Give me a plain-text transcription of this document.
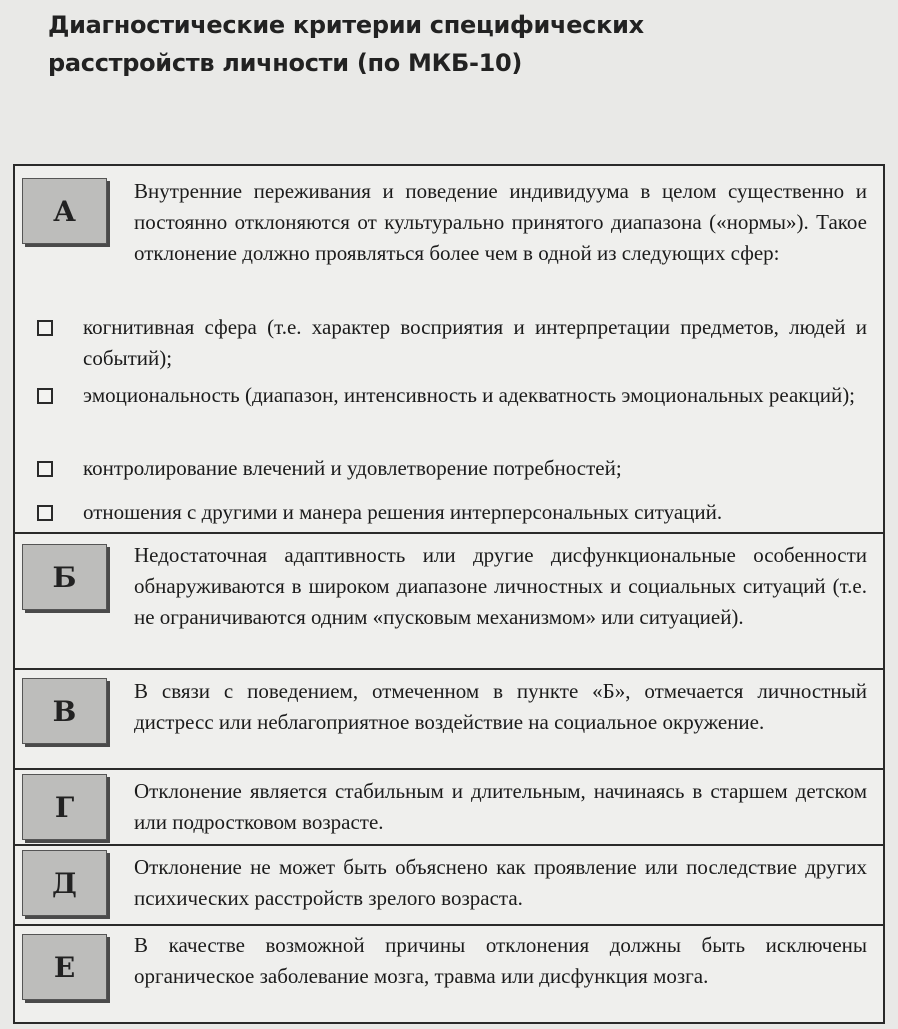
Диагностические критерии специфических
расстройств личности (по МКБ-10)
А
Внутренние переживания и поведение индивидуума в целом существенно и постоянно отклоняются от культурально принятого диапазона («нормы»). Такое отклонение должно проявляться более чем в одной из следующих сфер:
когнитивная сфера (т.е. характер восприятия и интерпретации предметов, людей и событий);
эмоциональность (диапазон, интенсивность и адекватность эмоциональных реакций);
контролирование влечений и удовлетворение потребностей;
отношения с другими и манера решения интерперсональных ситуаций.
Б
Недостаточная адаптивность или другие дисфункциональные особенности обнаруживаются в широком диапазоне личностных и социальных ситуаций (т.е. не ограничиваются одним «пусковым механизмом» или ситуацией).
В
В связи с поведением, отмеченном в пункте «Б», отмечается личностный дистресс или неблагоприятное воздействие на социальное окружение.
Г	Отклонение является стабильным и длительным, начинаясь в старшем детском или подростковом возрасте.
Д	Отклонение не может быть объяснено как проявление или последствие других психических расстройств зрелого возраста.
Е
В качестве возможной причины отклонения должны быть исключены органическое заболевание мозга, травма или дисфункция мозга.
